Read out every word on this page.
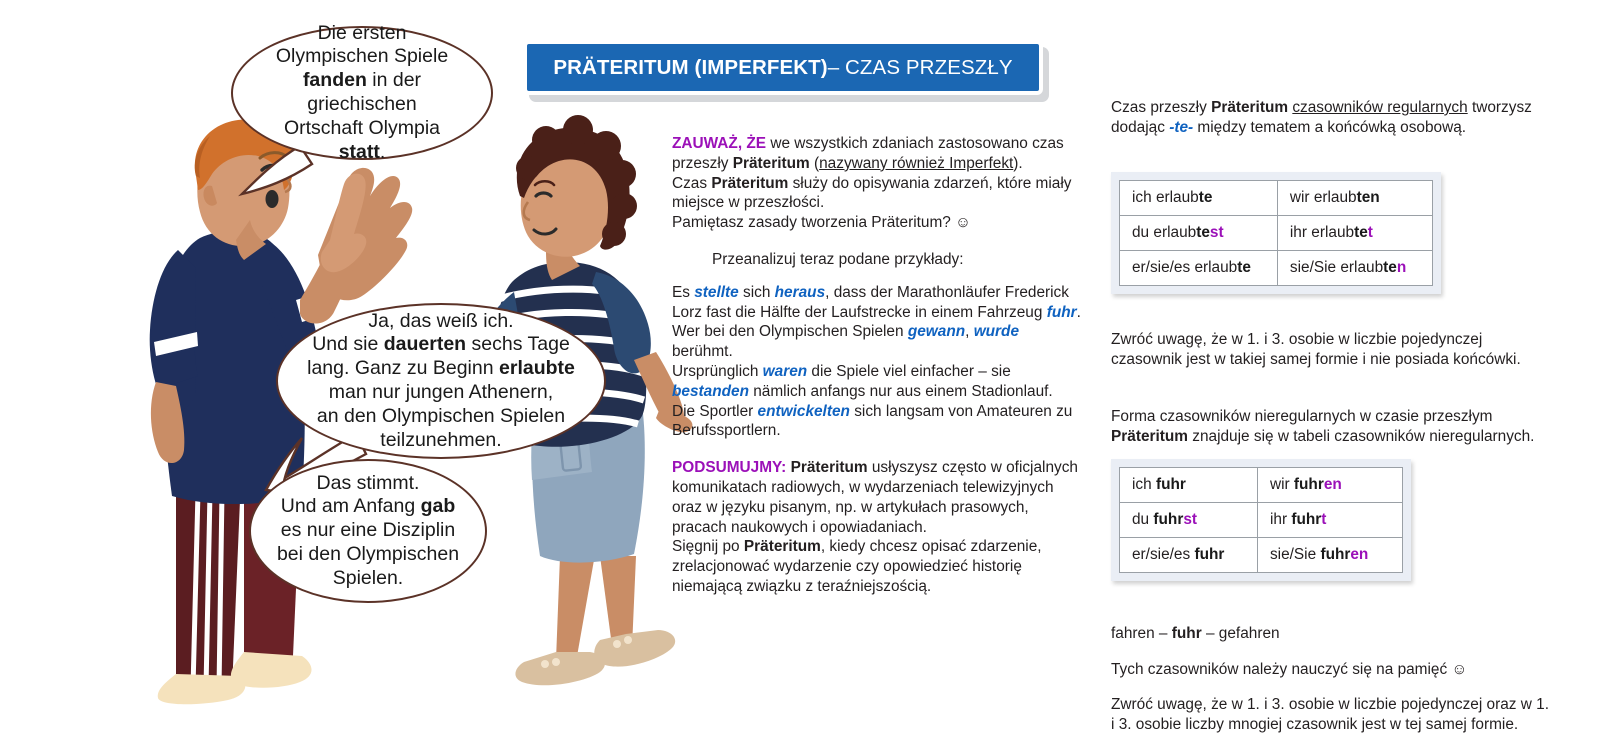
Die ersten
Olympischen Spiele
fanden in der griechischen
Ortschaft Olympia
statt.
Ja, das weiß ich.
Und sie dauerten sechs Tage
lang. Ganz zu Beginn erlaubte
man nur jungen Athenern,
an den Olympischen Spielen
teilzunehmen.
Das stimmt.
Und am Anfang gab
es nur eine Disziplin
bei den Olympischen
Spielen.
PRÄTERITUM (IMPERFEKT) – CZAS PRZESZŁY

ZAUWAŻ, ŻE we wszystkich zdaniach zastosowano czas przeszły Präteritum (nazywany również Imperfekt).

Czas Präteritum służy do opisywania zdarzeń, które miały miejsce w przeszłości.

Pamiętasz zasady tworzenia Präteritum? ☺

Przeanalizuj teraz podane przykłady:

Es stellte sich heraus, dass der Marathonläufer Frederick Lorz fast die Hälfte der Laufstrecke in einem Fahrzeug fuhr.

Wer bei den Olympischen Spielen gewann, wurde berühmt.

Ursprünglich waren die Spiele viel einfacher – sie bestanden nämlich anfangs nur aus einem Stadionlauf.

Die Sportler entwickelten sich langsam von Amateuren zu Berufssportlern.

PODSUMUJMY: Präteritum usłyszysz często w oficjalnych komunikatach radiowych, w wydarzeniach telewizyjnych oraz w języku pisanym, np. w artykułach prasowych, pracach naukowych i opowiadaniach.

Sięgnij po Präteritum, kiedy chcesz opisać zdarzenie, zrelacjonować wydarzenie czy opowiedzieć historię niemającą związku z teraźniejszością.

Czas przeszły Präteritum czasowników regularnych tworzysz dodając -te- między tematem a końcówką osobową.

ich erlaubte	wir erlaubten
du erlaubtest	ihr erlaubtet
er/sie/es erlaubte	sie/Sie erlaubten

Zwróć uwagę, że w 1. i 3. osobie w liczbie pojedynczej czasownik jest w takiej samej formie i nie posiada końcówki.

Forma czasowników nieregularnych w czasie przeszłym Präteritum znajduje się w tabeli czasowników nieregularnych.

ich fuhr	wir fuhren
du fuhrst	ihr fuhrt
er/sie/es fuhr	sie/Sie fuhren

fahren – fuhr – gefahren

Tych czasowników należy nauczyć się na pamięć ☺

Zwróć uwagę, że w 1. i 3. osobie w liczbie pojedynczej oraz w 1. i 3. osobie liczby mnogiej czasownik jest w tej samej formie.
